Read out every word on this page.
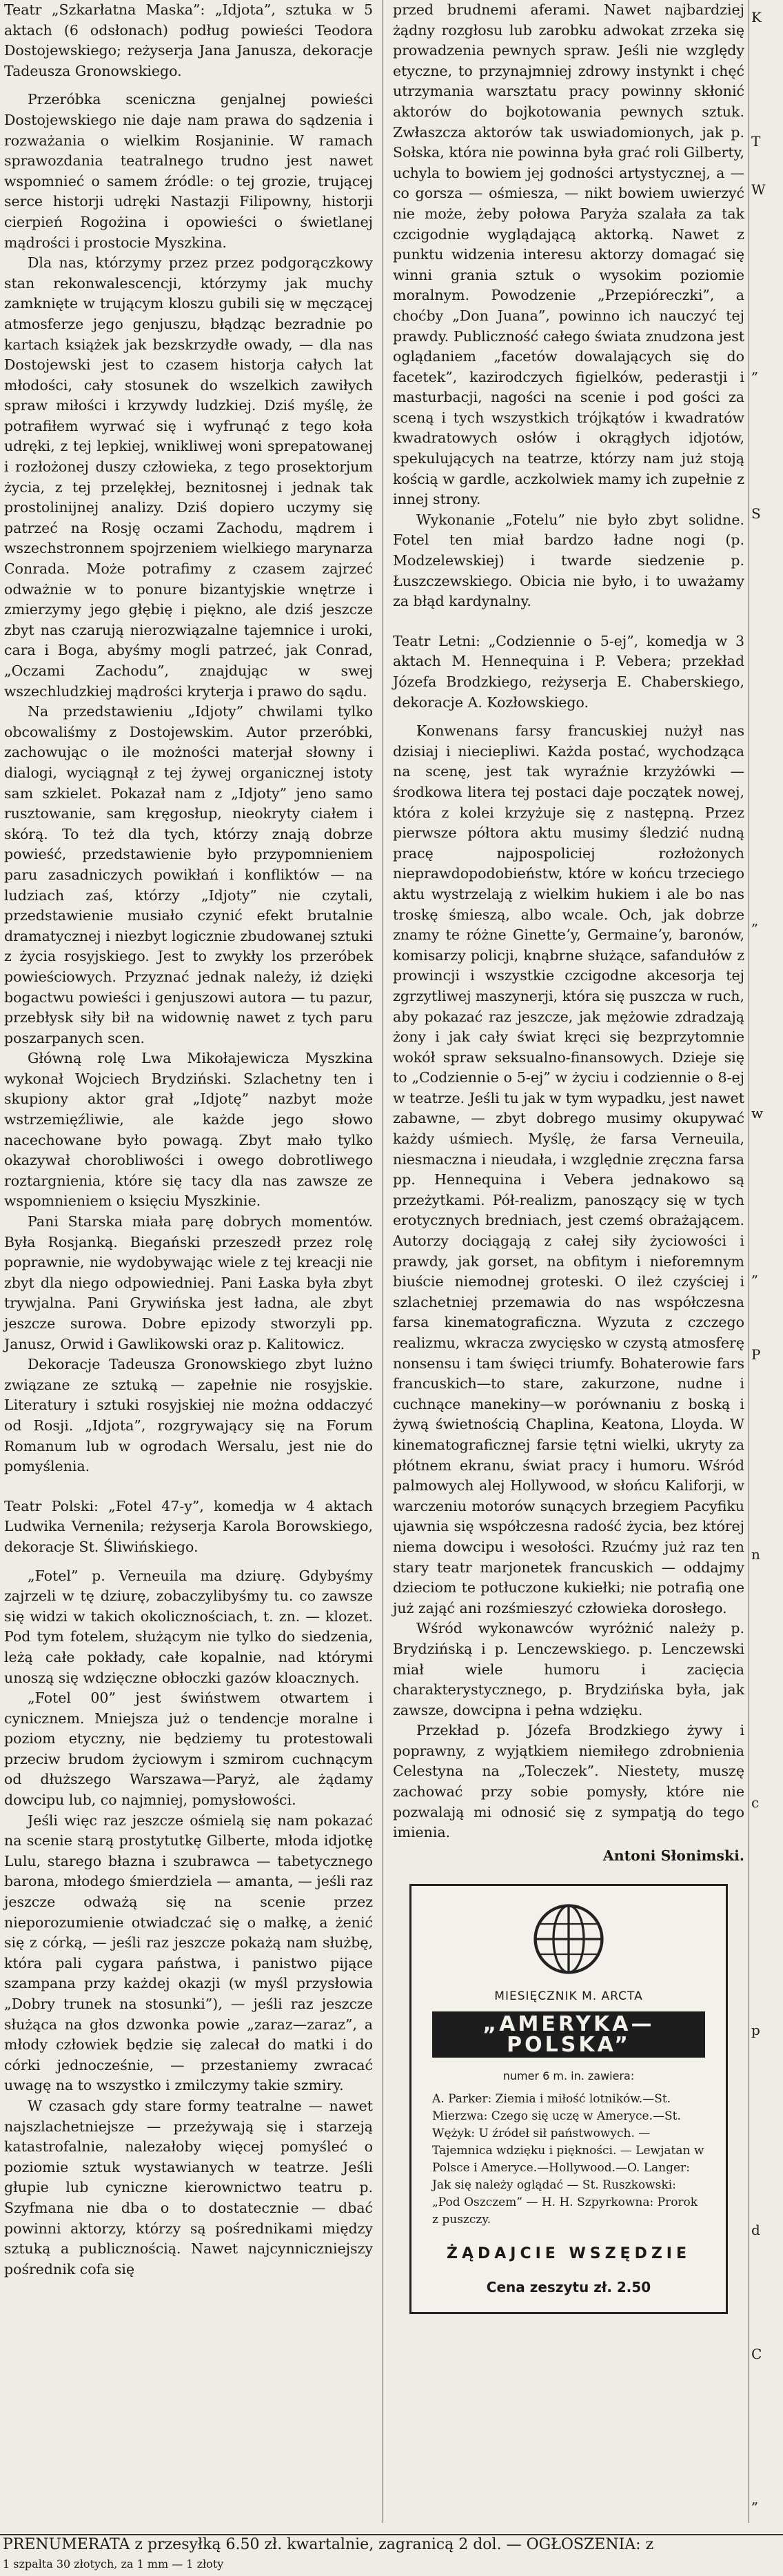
Teatr „Szkarłatna Maska”: „Idjota”, sztuka w 5 aktach (6 odsłonach) podług powieści Teodora Dostojewskiego; reżyserja Jana Janusza, dekoracje Tadeusza Gronowskiego.

Przeróbka sceniczna genjalnej powieści Dostojewskiego nie daje nam prawa do sądzenia i rozważania o wielkim Rosjaninie. W ramach sprawozdania teatralnego trudno jest nawet wspomnieć o samem źródle: o tej grozie, trującej serce historji udręki Nastazji Filipowny, historji cierpień Rogożina i opowieści o świetlanej mądrości i prostocie Myszkina.

Dla nas, którzymy przez przez podgorączkowy stan rekonwalescencji, którzymy jak muchy zamknięte w trującym kloszu gubili się w męczącej atmosferze jego genjuszu, błądząc bezradnie po kartach książek jak bezskrzydłe owady, — dla nas Dostojewski jest to czasem historja całych lat młodości, cały stosunek do wszelkich zawiłych spraw miłości i krzywdy ludzkiej. Dziś myślę, że potrafiłem wyrwać się i wyfrunąć z tego koła udręki, z tej lepkiej, wnikliwej woni sprepatowanej i rozłożonej duszy człowieka, z tego prosektorjum życia, z tej przelękłej, beznitosnej i jednak tak prostolinijnej analizy. Dziś dopiero uczymy się patrzeć na Rosję oczami Zachodu, mądrem i wszechstronnem spojrzeniem wielkiego marynarza Conrada. Może potrafimy z czasem zajrzeć odważnie w to ponure bizantyjskie wnętrze i zmierzymy jego głębię i piękno, ale dziś jeszcze zbyt nas czarują nierozwiązalne tajemnice i uroki, cara i Boga, abyśmy mogli patrzeć, jak Conrad, „Oczami Zachodu”, znajdując w swej wszechludzkiej mądrości kryterja i prawo do sądu.

Na przedstawieniu „Idjoty” chwilami tylko obcowaliśmy z Dostojewskim. Autor przeróbki, zachowując o ile możności materjał słowny i dialogi, wyciągnął z tej żywej organicznej istoty sam szkielet. Pokazał nam z „Idjoty” jeno samo rusztowanie, sam kręgosłup, nieokryty ciałem i skórą. To też dla tych, którzy znają dobrze powieść, przedstawienie było przypomnieniem paru zasadniczych powikłań i konfliktów — na ludziach zaś, którzy „Idjoty” nie czytali, przedstawienie musiało czynić efekt brutalnie dramatycznej i niezbyt logicznie zbudowanej sztuki z życia rosyjskiego. Jest to zwykły los przeróbek powieściowych. Przyznać jednak należy, iż dzięki bogactwu powieści i genjuszowi autora — tu pazur, przebłysk siły bił na widownię nawet z tych paru poszarpanych scen.

Główną rolę Lwa Mikołajewicza Myszkina wykonał Wojciech Brydziński. Szlachetny ten i skupiony aktor grał „Idjotę” nazbyt może wstrzemięźliwie, ale każde jego słowo nacechowane było powagą. Zbyt mało tylko okazywał chorobliwości i owego dobrotliwego roztargnienia, które się tacy dla nas zawsze ze wspomnieniem o księciu Myszkinie.

Pani Starska miała parę dobrych momentów. Była Rosjanką. Biegański przeszedł przez rolę poprawnie, nie wydobywając wiele z tej kreacji nie zbyt dla niego odpowiedniej. Pani Łaska była zbyt trywjalna. Pani Grywińska jest ładna, ale zbyt jeszcze surowa. Dobre epizody stworzyli pp. Janusz, Orwid i Gawlikowski oraz p. Kalitowicz.

Dekoracje Tadeusza Gronowskiego zbyt lużno związane ze sztuką — zapełnie nie rosyjskie. Literatury i sztuki rosyjskiej nie można oddaczyć od Rosji. „Idjota”, rozgrywający się na Forum Romanum lub w ogrodach Wersalu, jest nie do pomyślenia.

Teatr Polski: „Fotel 47-y”, komedja w 4 aktach Ludwika Vernenila; reżyserja Karola Borowskiego, dekoracje St. Śliwińskiego.

„Fotel” p. Verneuila ma dziurę. Gdybyśmy zajrzeli w tę dziurę, zobaczylibyśmy tu. co zawsze się widzi w takich okolicznościach, t. zn. — klozet. Pod tym fotelem, służącym nie tylko do siedzenia, leżą całe pokłady, całe kopalnie, nad którymi unoszą się wdzięczne obłoczki gazów kloacznych.

„Fotel 00” jest świństwem otwartem i cynicznem. Mniejsza już o tendencje moralne i poziom etyczny, nie będziemy tu protestowali przeciw brudom życiowym i szmirom cuchnącym od dłuższego Warszawa—Paryż, ale żądamy dowcipu lub, co najmniej, pomysłowości.

Jeśli więc raz jeszcze ośmielą się nam pokazać na scenie starą prostytutkę Gilberte, młoda idjotkę Lulu, starego błazna i szubrawca — tabetycznego barona, młodego śmierdziela — amanta, — jeśli raz jeszcze odważą się na scenie przez nieporozumienie otwiadczać się o małkę, a żenić się z córką, — jeśli raz jeszcze pokażą nam służbę, która pali cygara państwa, i panistwo pijące szampana przy każdej okazji (w myśl przysłowia „Dobry trunek na stosunki”), — jeśli raz jeszcze służąca na głos dzwonka powie „zaraz—zaraz”, a młody człowiek będzie się zalecał do matki i do córki jednocześnie, — przestaniemy zwracać uwagę na to wszystko i zmilczymy takie szmiry.

W czasach gdy stare formy teatralne — nawet najszlachetniejsze — przeżywają się i starzeją katastrofalnie, nalezałoby więcej pomyśleć o poziomie sztuk wystawianych w teatrze. Jeśli głupie lub cyniczne kierownictwo teatru p. Szyfmana nie dba o to dostatecznie — dbać powinni aktorzy, którzy są pośrednikami między sztuką a publicznością. Nawet najcynniczniejszy pośrednik cofa się

przed brudnemi aferami. Nawet najbardziej żądny rozgłosu lub zarobku adwokat zrzeka się prowadzenia pewnych spraw. Jeśli nie względy etyczne, to przynajmniej zdrowy instynkt i chęć utrzymania warsztatu pracy powinny skłonić aktorów do bojkotowania pewnych sztuk. Zwłaszcza aktorów tak uswiadomionych, jak p. Sołska, która nie powinna była grać roli Gilberty, uchyla to bowiem jej godności artystycznej, a — co gorsza — ośmiesza, — nikt bowiem uwierzyć nie może, żeby połowa Paryża szalała za tak czcigodnie wyglądającą aktorką. Nawet z punktu widzenia interesu aktorzy domagać się winni grania sztuk o wysokim poziomie moralnym. Powodzenie „Przepióreczki”, a choćby „Don Juana”, powinno ich nauczyć tej prawdy. Publiczność całego świata znudzona jest oglądaniem „facetów dowalających się do facetek”, kazirodczych figielków, pederastji i masturbacji, nagości na scenie i pod gości za sceną i tych wszystkich trójkątów i kwadratów kwadratowych osłów i okrągłych idjotów, spekulujących na teatrze, którzy nam już stoją kością w gardle, aczkolwiek mamy ich zupełnie z innej strony.

Wykonanie „Fotelu” nie było zbyt solidne. Fotel ten miał bardzo ładne nogi (p. Modzelewskiej) i twarde siedzenie p. Łuszczewskiego. Obicia nie było, i to uważamy za błąd kardynalny.

Teatr Letni: „Codziennie o 5-ej”, komedja w 3 aktach M. Hennequina i P. Vebera; przekład Józefa Brodzkiego, reżyserja E. Chaberskiego, dekoracje A. Kozłowskiego.

Konwenans farsy francuskiej nużył nas dzisiaj i nieciepliwi. Każda postać, wychodząca na scenę, jest tak wyraźnie krzyżówki — środkowa litera tej postaci daje początek nowej, która z kolei krzyżuje się z następną. Przez pierwsze półtora aktu musimy śledzić nudną pracę najpospoliciej rozłożonych nieprawdopodobieństw, które w końcu trzeciego aktu wystrzelają z wielkim hukiem i ale bo nas troskę śmieszą, albo wcale. Och, jak dobrze znamy te różne Ginetteʼy, Germaineʼy, baronów, komisarzy policji, knąbrne służące, safandułów z prowincji i wszystkie czcigodne akcesorja tej zgrzytliwej maszynerji, która się puszcza w ruch, aby pokazać raz jeszcze, jak mężowie zdradzają żony i jak cały świat kręci się bezprzytomnie wokół spraw seksualno-finansowych. Dzieje się to „Codziennie o 5-ej” w życiu i codziennie o 8-ej w teatrze. Jeśli tu jak w tym wypadku, jest nawet zabawne, — zbyt dobrego musimy okupywać każdy uśmiech. Myślę, że farsa Verneuila, niesmaczna i nieudała, i względnie zręczna farsa pp. Hennequina i Vebera jednakowo są przeżytkami. Pół-realizm, panoszący się w tych erotycznych bredniach, jest czemś obrażającem. Autorzy dociągają z całej siły życiowości i prawdy, jak gorset, na obfitym i nieforemnym biuście niemodnej groteski. O ileż czyściej i szlachetniej przemawia do nas współczesna farsa kinematograficzna. Wyzuta z czczego realizmu, wkracza zwycięsko w czystą atmosferę nonsensu i tam święci triumfy. Bohaterowie fars francuskich—to stare, zakurzone, nudne i cuchnące manekiny—w porównaniu z boską i żywą świetnością Chaplina, Keatona, Lloyda. W kinematograficznej farsie tętni wielki, ukryty za płótnem ekranu, świat pracy i humoru. Wśród palmowych alej Hollywood, w słońcu Kaliforji, w warczeniu motorów sunących brzegiem Pacyfiku ujawnia się współczesna radość życia, bez której niema dowcipu i wesołości. Rzućmy już raz ten stary teatr marjonetek francuskich — oddajmy dzieciom te potłuczone kukiełki; nie potrafią one już zająć ani rozśmieszyć człowieka dorosłego.

Wśród wykonawców wyróżnić należy p. Brydzińską i p. Lenczewskiego. p. Lenczewski miał wiele humoru i zacięcia charakterystycznego, p. Brydzińska była, jak zawsze, dowcipna i pełna wdzięku.

Przekład p. Józefa Brodzkiego żywy i poprawny, z wyjątkiem niemiłego zdrobnienia Celestyna na „Toleczek”. Niestety, muszę zachować przy sobie pomysły, które nie pozwalają mi odnosić się z sympatją do tego imienia.

Antoni Słonimski.

MIESIĘCZNIK M. ARCTA
„AMERYKA—POLSKA”
numer 6 m. in. zawiera:
A. Parker: Ziemia i miłość lotników.—St. Mierzwa: Czego się uczę w Ameryce.—St. Wężyk: U źródeł sił państwowych. — Tajemnica wdzięku i piękności. — Lewjatan w Polsce i Ameryce.—Hollywood.—O. Langer: Jak się należy oglądać — St. Ruszkowski: „Pod Oszczem” — H. H. Szpyrkowna: Prorok z puszczy.
ŻĄDAJCIE WSZĘDZIE
Cena zeszytu zł. 2.50
K
T
W
„
S
„
w
„
P
n
c
p
d
C
„
PRENUMERATA z przesyłką 6.50 zł. kwartalnie, zagranicą 2 dol. — OGŁOSZENIA: z
1 szpalta 30 złotych, za 1 mm — 1 złoty
